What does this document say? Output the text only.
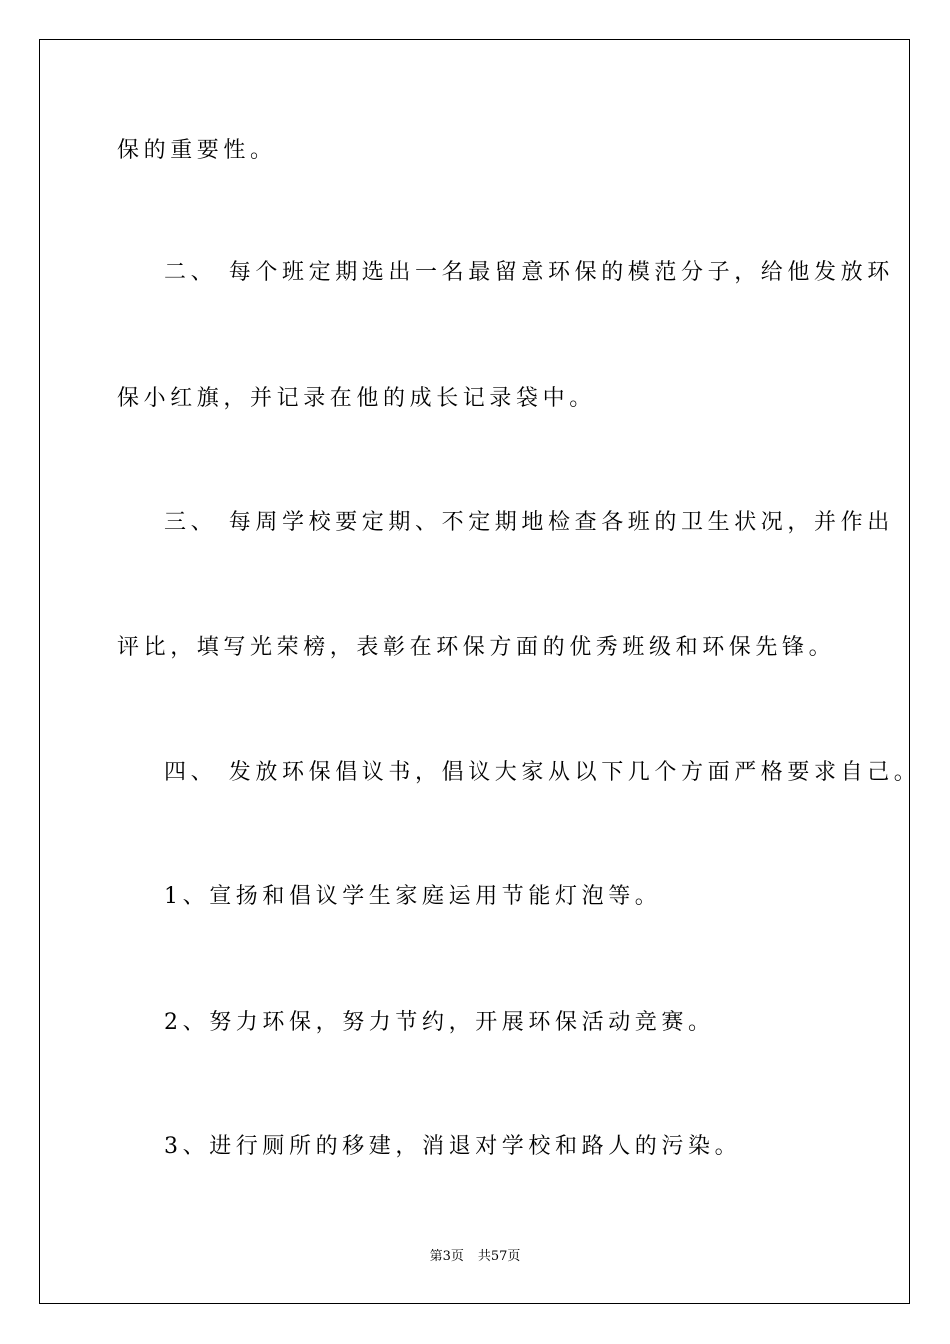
保的重要性。
二、 每个班定期选出一名最留意环保的模范分子，给他发放环
保小红旗，并记录在他的成长记录袋中。
三、 每周学校要定期、不定期地检查各班的卫生状况，并作出
评比，填写光荣榜，表彰在环保方面的优秀班级和环保先锋。
四、 发放环保倡议书，倡议大家从以下几个方面严格要求自己。
1、宣扬和倡议学生家庭运用节能灯泡等。
2、努力环保，努力节约，开展环保活动竞赛。
3、进行厕所的移建，消退对学校和路人的污染。
第3页 共57页
